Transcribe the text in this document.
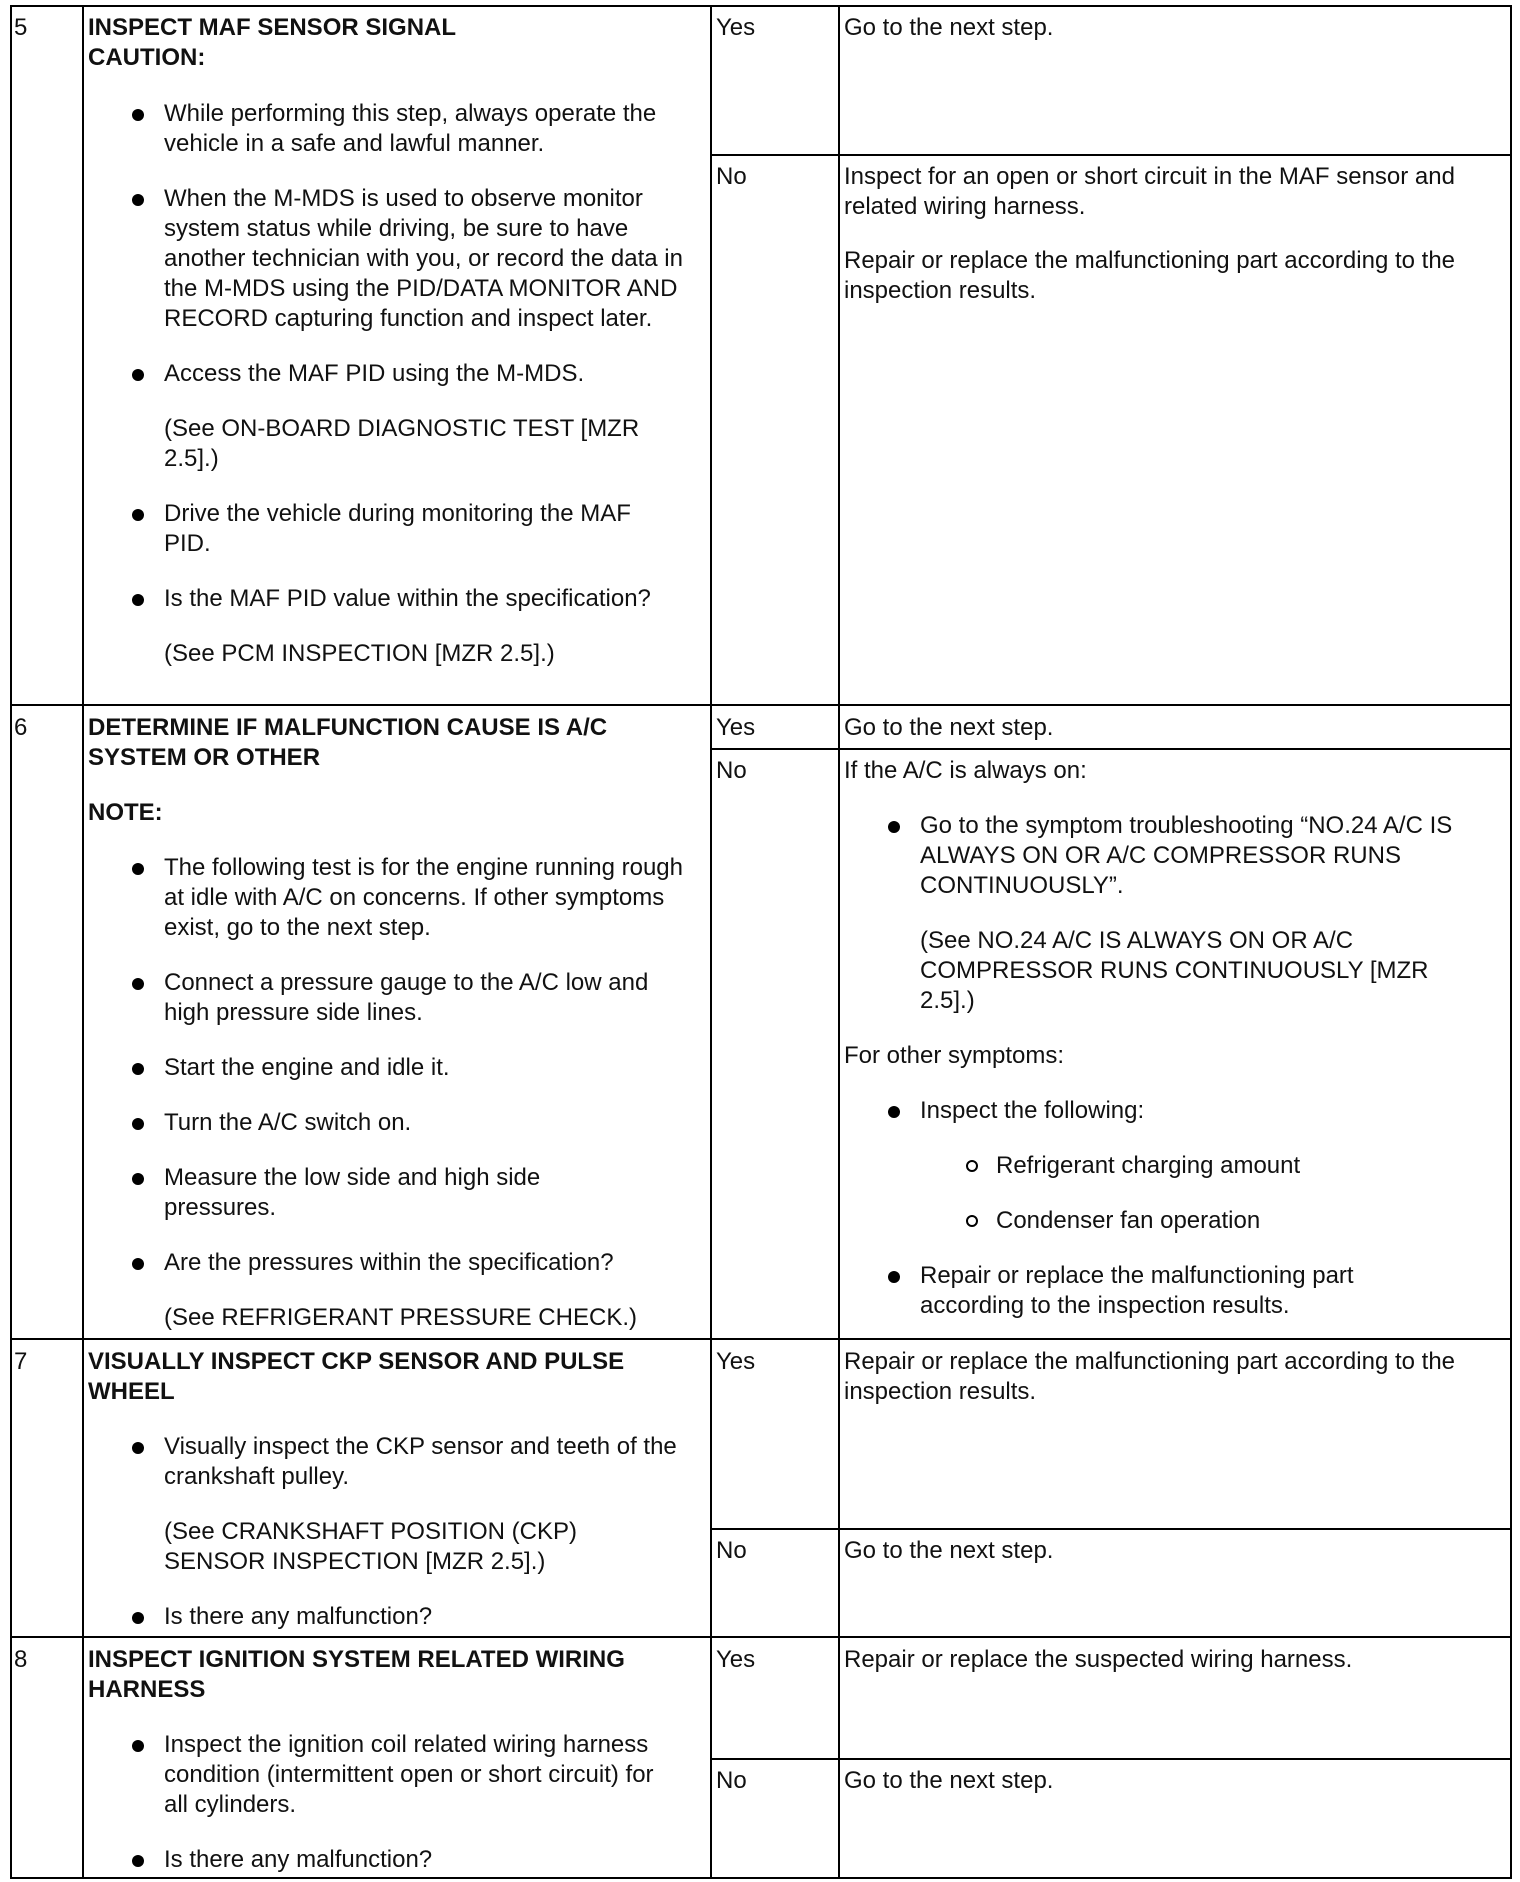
5	INSPECT MAF SENSOR SIGNAL
CAUTION:
While performing this step, always operate the vehicle in a safe and lawful manner.
When the M-MDS is used to observe monitor system status while driving, be sure to have another technician with you, or record the data in the M-MDS using the PID/DATA MONITOR AND RECORD capturing function and inspect later.
Access the MAF PID using the M-MDS.
(See ON-BOARD DIAGNOSTIC TEST [MZR 2.5].)
Drive the vehicle during monitoring the MAF PID.
Is the MAF PID value within the specification?
(See PCM INSPECTION [MZR 2.5].)
Yes	Go to the next step.
No	Inspect for an open or short circuit in the MAF sensor and related wiring harness.
Repair or replace the malfunctioning part according to the inspection results.
6	DETERMINE IF MALFUNCTION CAUSE IS A/C SYSTEM OR OTHER
NOTE:
The following test is for the engine running rough at idle with A/C on concerns. If other symptoms exist, go to the next step.
Connect a pressure gauge to the A/C low and high pressure side lines.
Start the engine and idle it.
Turn the A/C switch on.
Measure the low side and high side pressures.
Are the pressures within the specification?
(See REFRIGERANT PRESSURE CHECK.)
Yes	Go to the next step.
No	If the A/C is always on:
Go to the symptom troubleshooting “NO.24 A/C IS ALWAYS ON OR A/C COMPRESSOR RUNS CONTINUOUSLY”.
(See NO.24 A/C IS ALWAYS ON OR A/C COMPRESSOR RUNS CONTINUOUSLY [MZR 2.5].)
For other symptoms:
Inspect the following:
Refrigerant charging amount
Condenser fan operation
Repair or replace the malfunctioning part according to the inspection results.
7	VISUALLY INSPECT CKP SENSOR AND PULSE WHEEL
Visually inspect the CKP sensor and teeth of the crankshaft pulley.
(See CRANKSHAFT POSITION (CKP) SENSOR INSPECTION [MZR 2.5].)
Is there any malfunction?
Yes	Repair or replace the malfunctioning part according to the inspection results.
No	Go to the next step.
8	INSPECT IGNITION SYSTEM RELATED WIRING HARNESS
Inspect the ignition coil related wiring harness condition (intermittent open or short circuit) for all cylinders.
Is there any malfunction?
Yes	Repair or replace the suspected wiring harness.
No	Go to the next step.
